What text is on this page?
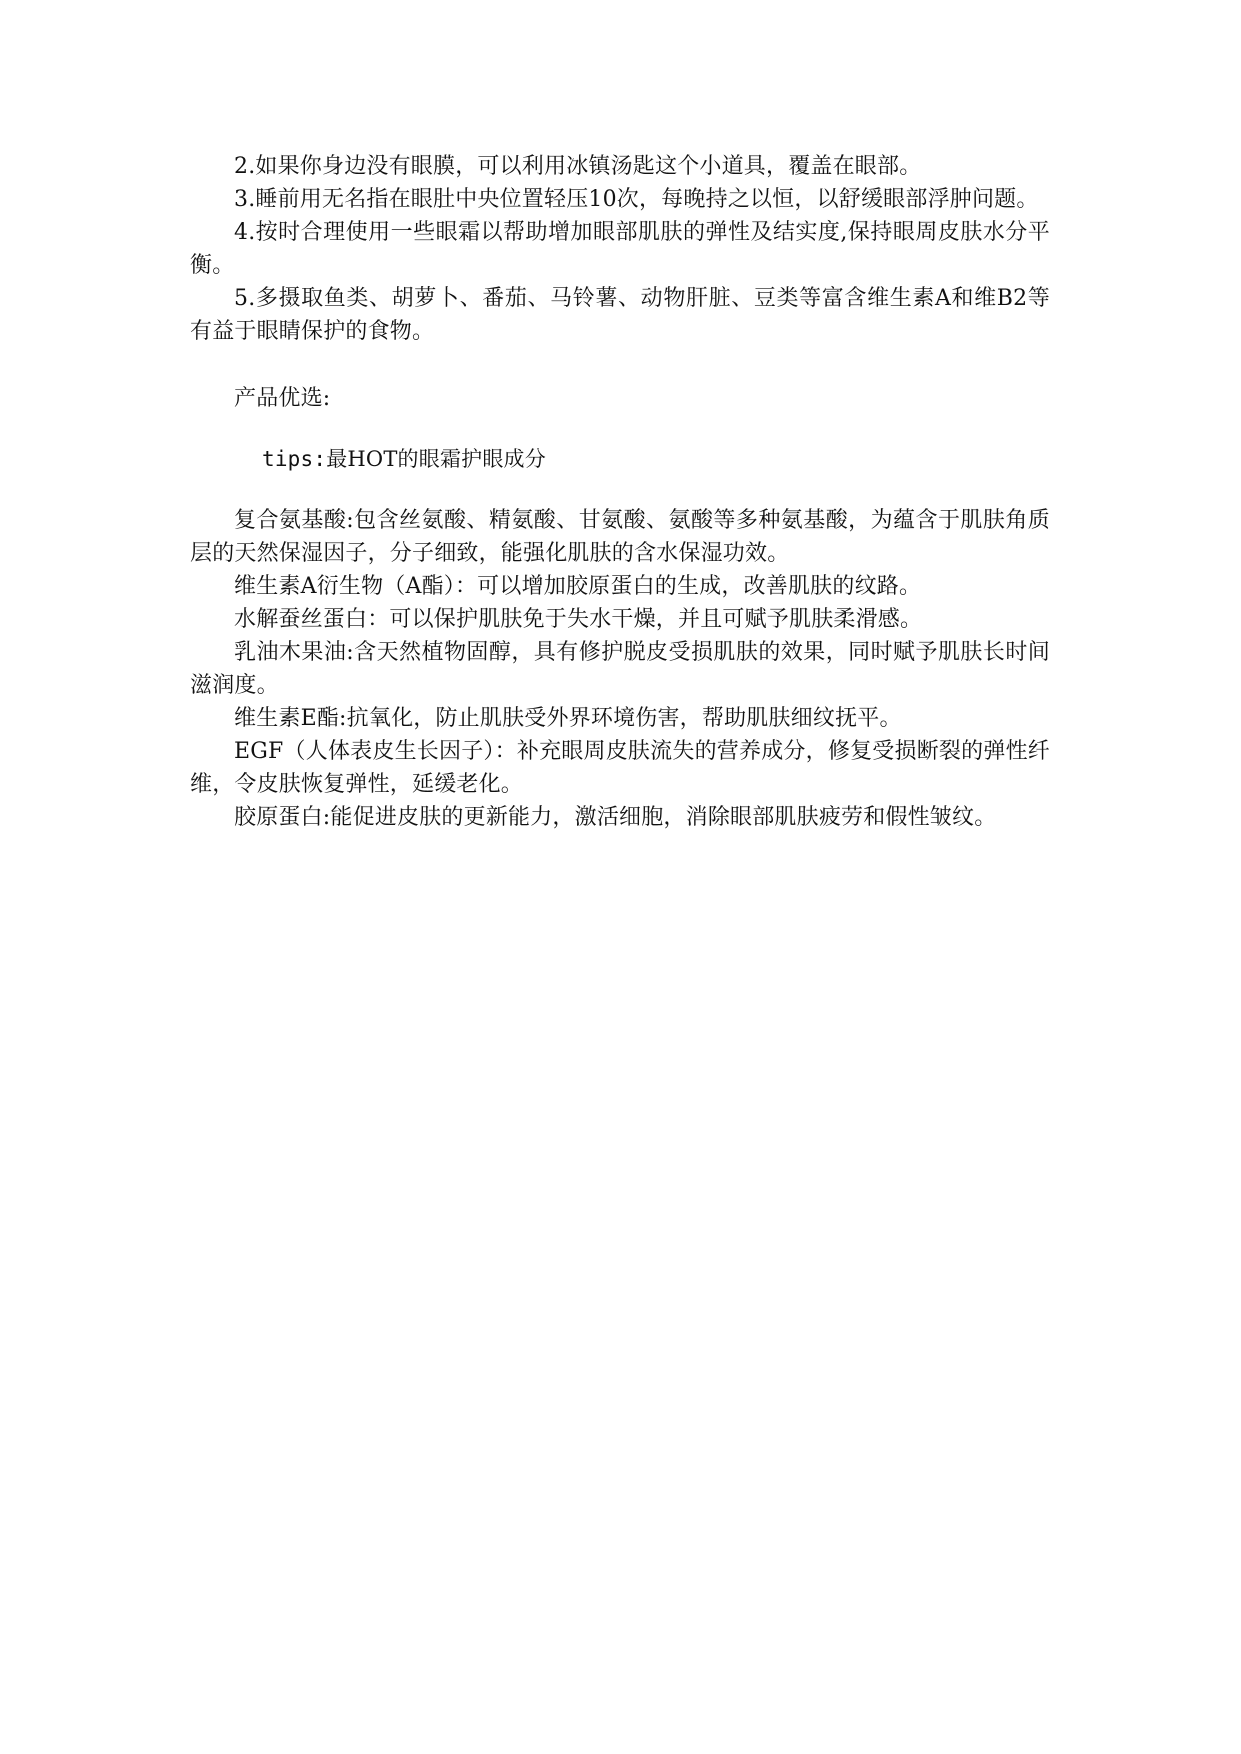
2.如果你身边没有眼膜，可以利用冰镇汤匙这个小道具，覆盖在眼部。

3.睡前用无名指在眼肚中央位置轻压10次，每晚持之以恒，以舒缓眼部浮肿问题。

4.按时合理使用一些眼霜以帮助增加眼部肌肤的弹性及结实度,保持眼周皮肤水分平衡。

5.多摄取鱼类、胡萝卜、番茄、马铃薯、动物肝脏、豆类等富含维生素A和维B2等有益于眼睛保护的食物。

产品优选:

tips:最HOT的眼霜护眼成分

复合氨基酸:包含丝氨酸、精氨酸、甘氨酸、氨酸等多种氨基酸，为蕴含于肌肤角质层的天然保湿因子，分子细致，能强化肌肤的含水保湿功效。

维生素A衍生物（A酯）：可以增加胶原蛋白的生成，改善肌肤的纹路。

水解蚕丝蛋白：可以保护肌肤免于失水干燥，并且可赋予肌肤柔滑感。

乳油木果油:含天然植物固醇，具有修护脱皮受损肌肤的效果，同时赋予肌肤长时间滋润度。

维生素E酯:抗氧化，防止肌肤受外界环境伤害，帮助肌肤细纹抚平。

EGF（人体表皮生长因子）：补充眼周皮肤流失的营养成分，修复受损断裂的弹性纤维，令皮肤恢复弹性，延缓老化。

胶原蛋白:能促进皮肤的更新能力，激活细胞，消除眼部肌肤疲劳和假性皱纹。
